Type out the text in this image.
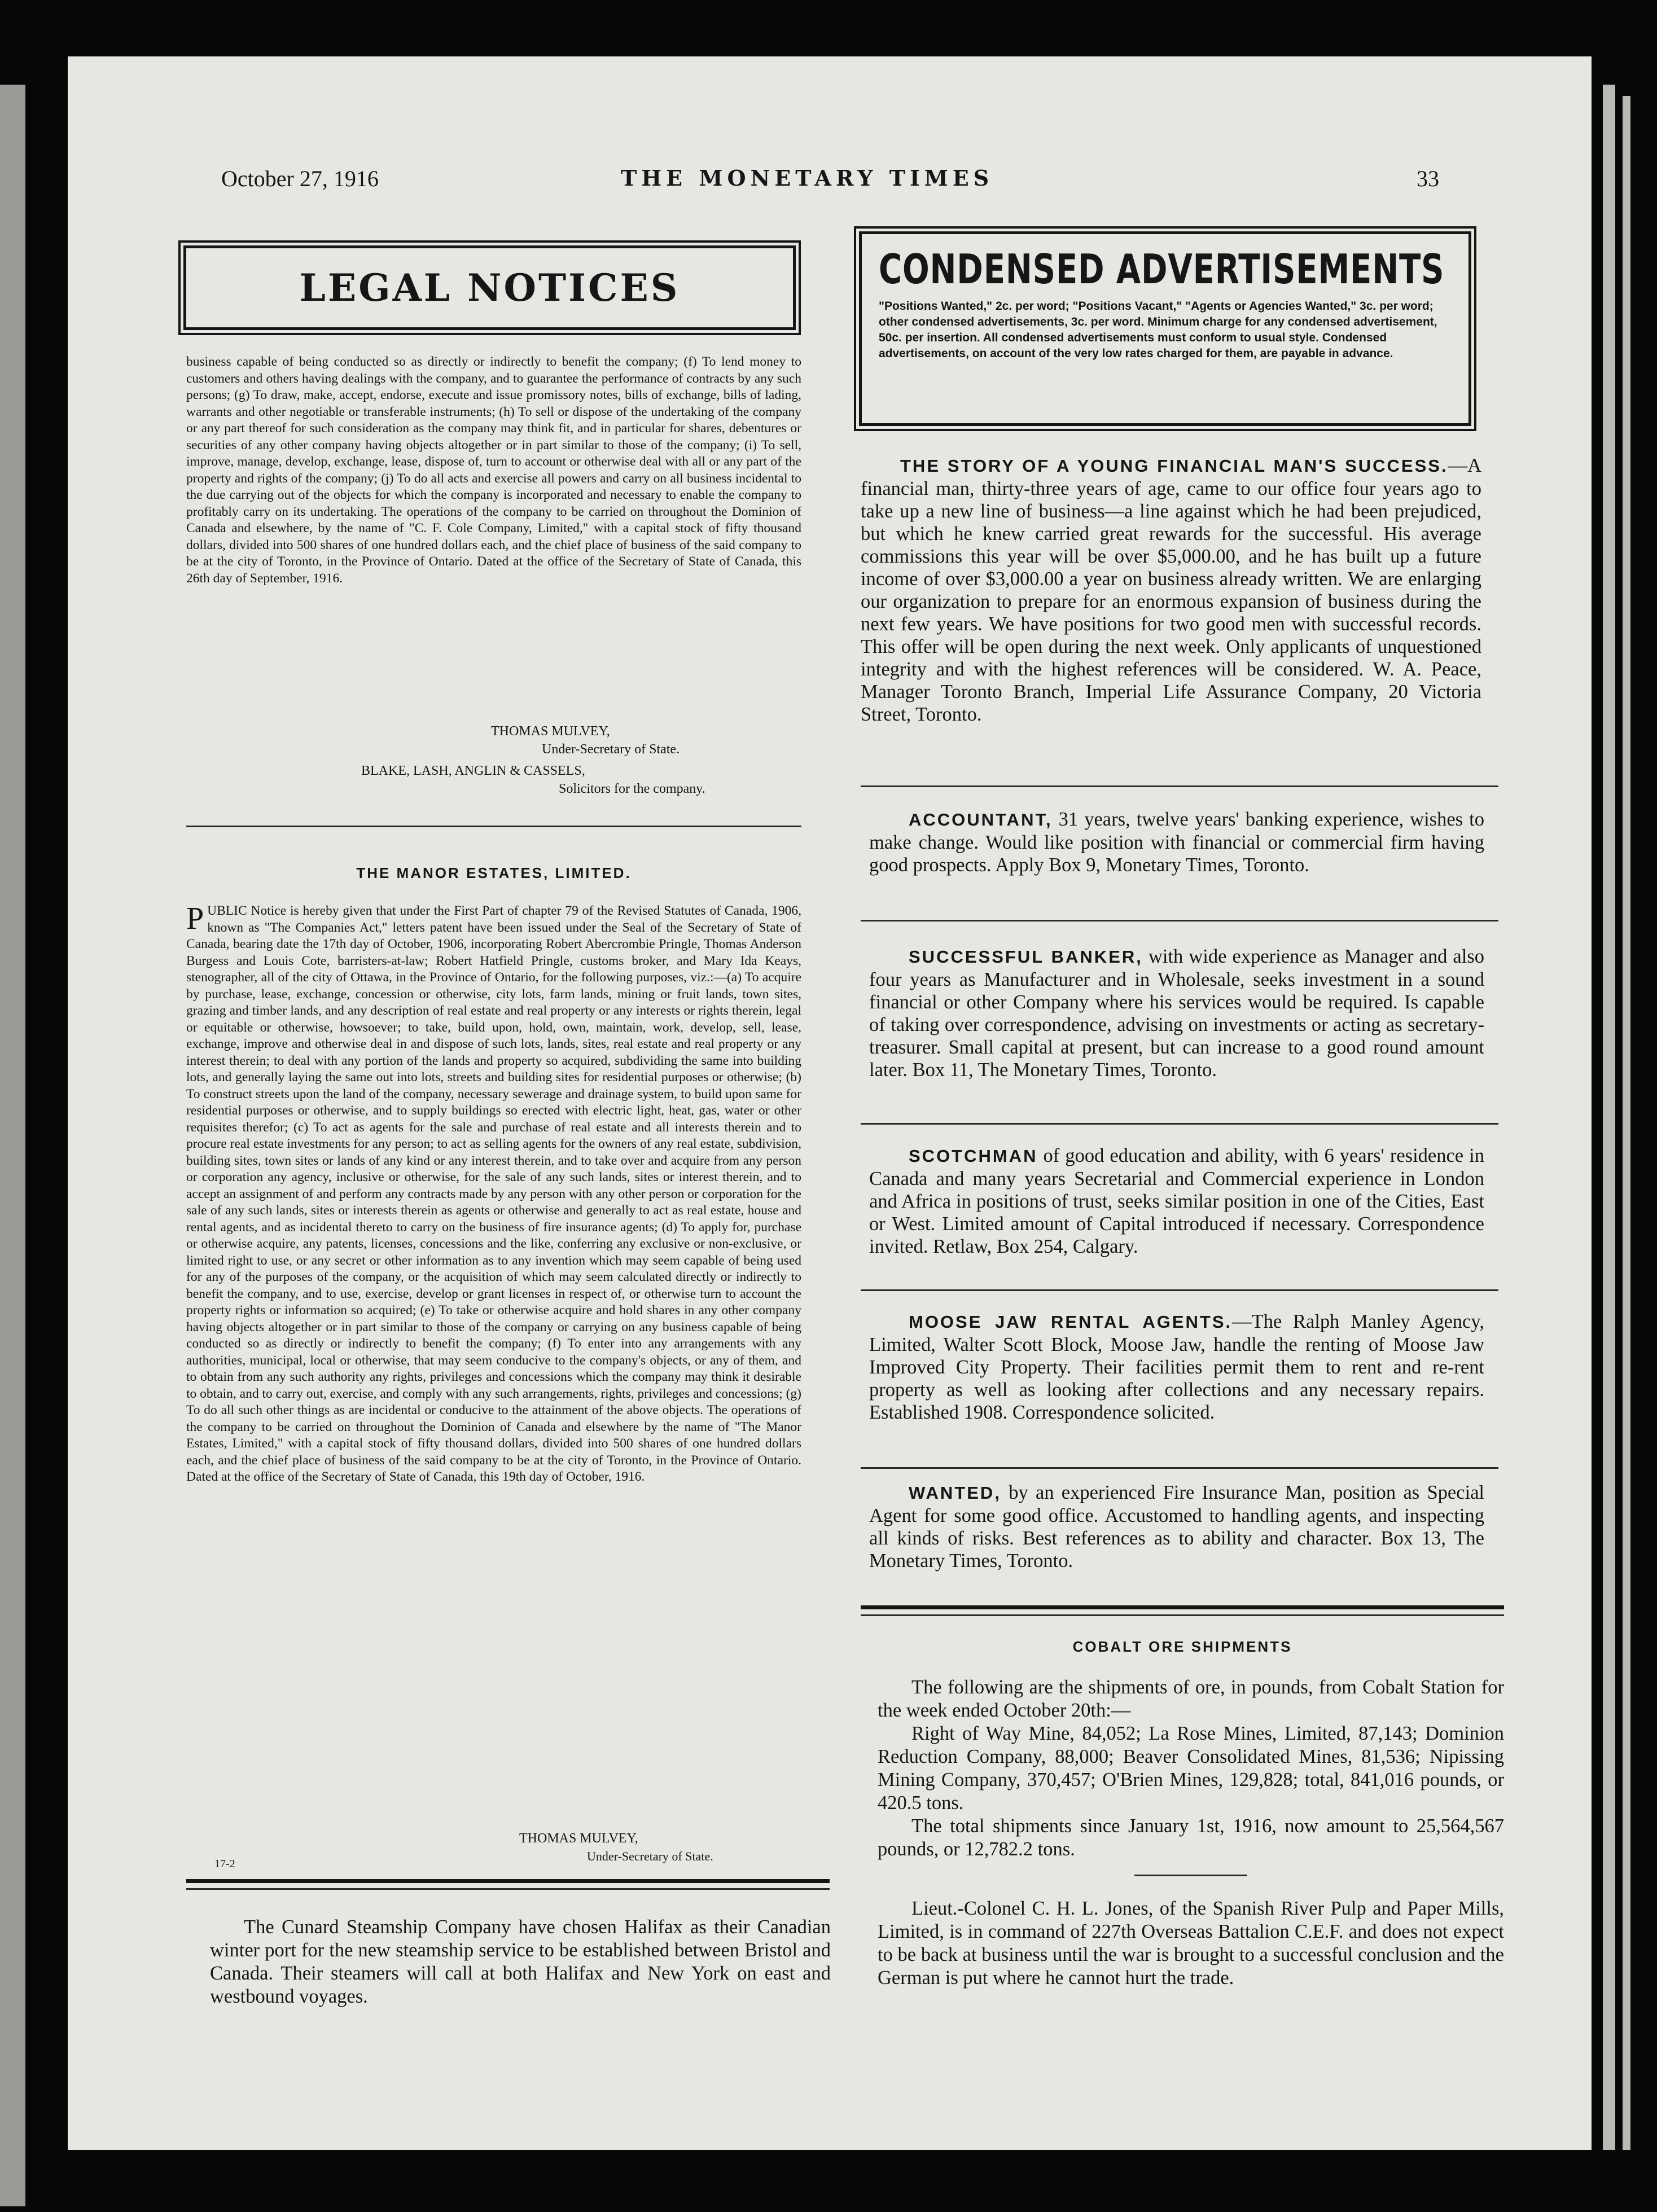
October 27, 1916	THE MONETARY TIMES	33
LEGAL NOTICES
business capable of being conducted so as directly or indirectly to benefit the company; (f) To lend money to customers and others having dealings with the company, and to guarantee the performance of contracts by any such persons; (g) To draw, make, accept, endorse, execute and issue promissory notes, bills of exchange, bills of lading, warrants and other negotiable or transferable instruments; (h) To sell or dispose of the undertaking of the company or any part thereof for such consideration as the company may think fit, and in particular for shares, debentures or securities of any other company having objects altogether or in part similar to those of the company; (i) To sell, improve, manage, develop, exchange, lease, dispose of, turn to account or otherwise deal with all or any part of the property and rights of the company; (j) To do all acts and exercise all powers and carry on all business incidental to the due carrying out of the objects for which the company is incorporated and necessary to enable the company to profitably carry on its undertaking. The operations of the company to be carried on throughout the Dominion of Canada and elsewhere, by the name of "C. F. Cole Company, Limited," with a capital stock of fifty thousand dollars, divided into 500 shares of one hundred dollars each, and the chief place of business of the said company to be at the city of Toronto, in the Province of Ontario. Dated at the office of the Secretary of State of Canada, this 26th day of September, 1916.
THOMAS MULVEY,
Under-Secretary of State.
BLAKE, LASH, ANGLIN & CASSELS,
Solicitors for the company.
THE MANOR ESTATES, LIMITED.
PUBLIC Notice is hereby given that under the First Part of chapter 79 of the Revised Statutes of Canada, 1906, known as "The Companies Act," letters patent have been issued under the Seal of the Secretary of State of Canada, bearing date the 17th day of October, 1906, incorporating Robert Abercrombie Pringle, Thomas Anderson Burgess and Louis Cote, barristers-at-law; Robert Hatfield Pringle, customs broker, and Mary Ida Keays, stenographer, all of the city of Ottawa, in the Province of Ontario, for the following purposes, viz.:—(a) To acquire by purchase, lease, exchange, concession or otherwise, city lots, farm lands, mining or fruit lands, town sites, grazing and timber lands, and any description of real estate and real property or any interests or rights therein, legal or equitable or otherwise, howsoever; to take, build upon, hold, own, maintain, work, develop, sell, lease, exchange, improve and otherwise deal in and dispose of such lots, lands, sites, real estate and real property or any interest therein; to deal with any portion of the lands and property so acquired, subdividing the same into building lots, and generally laying the same out into lots, streets and building sites for residential purposes or otherwise; (b) To construct streets upon the land of the company, necessary sewerage and drainage system, to build upon same for residential purposes or otherwise, and to supply buildings so erected with electric light, heat, gas, water or other requisites therefor; (c) To act as agents for the sale and purchase of real estate and all interests therein and to procure real estate investments for any person; to act as selling agents for the owners of any real estate, subdivision, building sites, town sites or lands of any kind or any interest therein, and to take over and acquire from any person or corporation any agency, inclusive or otherwise, for the sale of any such lands, sites or interest therein, and to accept an assignment of and perform any contracts made by any person with any other person or corporation for the sale of any such lands, sites or interests therein as agents or otherwise and generally to act as real estate, house and rental agents, and as incidental thereto to carry on the business of fire insurance agents; (d) To apply for, purchase or otherwise acquire, any patents, licenses, concessions and the like, conferring any exclusive or non-exclusive, or limited right to use, or any secret or other information as to any invention which may seem capable of being used for any of the purposes of the company, or the acquisition of which may seem calculated directly or indirectly to benefit the company, and to use, exercise, develop or grant licenses in respect of, or otherwise turn to account the property rights or information so acquired; (e) To take or otherwise acquire and hold shares in any other company having objects altogether or in part similar to those of the company or carrying on any business capable of being conducted so as directly or indirectly to benefit the company; (f) To enter into any arrangements with any authorities, municipal, local or otherwise, that may seem conducive to the company's objects, or any of them, and to obtain from any such authority any rights, privileges and concessions which the company may think it desirable to obtain, and to carry out, exercise, and comply with any such arrangements, rights, privileges and concessions; (g) To do all such other things as are incidental or conducive to the attainment of the above objects. The operations of the company to be carried on throughout the Dominion of Canada and elsewhere by the name of "The Manor Estates, Limited," with a capital stock of fifty thousand dollars, divided into 500 shares of one hundred dollars each, and the chief place of business of the said company to be at the city of Toronto, in the Province of Ontario. Dated at the office of the Secretary of State of Canada, this 19th day of October, 1916.
THOMAS MULVEY,
Under-Secretary of State.
17-2
The Cunard Steamship Company have chosen Halifax as their Canadian winter port for the new steamship service to be established between Bristol and Canada. Their steamers will call at both Halifax and New York on east and westbound voyages.
CONDENSED ADVERTISEMENTS
"Positions Wanted," 2c. per word; "Positions Vacant," "Agents or Agencies Wanted," 3c. per word; other condensed advertisements, 3c. per word. Minimum charge for any condensed advertisement, 50c. per insertion. All condensed advertisements must conform to usual style. Condensed advertisements, on account of the very low rates charged for them, are payable in advance.

THE STORY OF A YOUNG FINANCIAL MAN'S SUCCESS.—A financial man, thirty-three years of age, came to our office four years ago to take up a new line of business—a line against which he had been prejudiced, but which he knew carried great rewards for the successful. His average commissions this year will be over $5,000.00, and he has built up a future income of over $3,000.00 a year on business already written. We are enlarging our organization to prepare for an enormous expansion of business during the next few years. We have positions for two good men with successful records. This offer will be open during the next week. Only applicants of unquestioned integrity and with the highest references will be considered. W. A. Peace, Manager Toronto Branch, Imperial Life Assurance Company, 20 Victoria Street, Toronto.

ACCOUNTANT, 31 years, twelve years' banking experience, wishes to make change. Would like position with financial or commercial firm having good prospects. Apply Box 9, Monetary Times, Toronto.

SUCCESSFUL BANKER, with wide experience as Manager and also four years as Manufacturer and in Wholesale, seeks investment in a sound financial or other Company where his services would be required. Is capable of taking over correspondence, advising on investments or acting as secretary-treasurer. Small capital at present, but can increase to a good round amount later. Box 11, The Monetary Times, Toronto.

SCOTCHMAN of good education and ability, with 6 years' residence in Canada and many years Secretarial and Commercial experience in London and Africa in positions of trust, seeks similar position in one of the Cities, East or West. Limited amount of Capital introduced if necessary. Correspondence invited. Retlaw, Box 254, Calgary.

MOOSE JAW RENTAL AGENTS.—The Ralph Manley Agency, Limited, Walter Scott Block, Moose Jaw, handle the renting of Moose Jaw Improved City Property. Their facilities permit them to rent and re-rent property as well as looking after collections and any necessary repairs. Established 1908. Correspondence solicited.

WANTED, by an experienced Fire Insurance Man, position as Special Agent for some good office. Accustomed to handling agents, and inspecting all kinds of risks. Best references as to ability and character. Box 13, The Monetary Times, Toronto.

COBALT ORE SHIPMENTS

The following are the shipments of ore, in pounds, from Cobalt Station for the week ended October 20th:—

Right of Way Mine, 84,052; La Rose Mines, Limited, 87,143; Dominion Reduction Company, 88,000; Beaver Consolidated Mines, 81,536; Nipissing Mining Company, 370,457; O'Brien Mines, 129,828; total, 841,016 pounds, or 420.5 tons.

The total shipments since January 1st, 1916, now amount to 25,564,567 pounds, or 12,782.2 tons.

Lieut.-Colonel C. H. L. Jones, of the Spanish River Pulp and Paper Mills, Limited, is in command of 227th Overseas Battalion C.E.F. and does not expect to be back at business until the war is brought to a successful conclusion and the German is put where he cannot hurt the trade.
